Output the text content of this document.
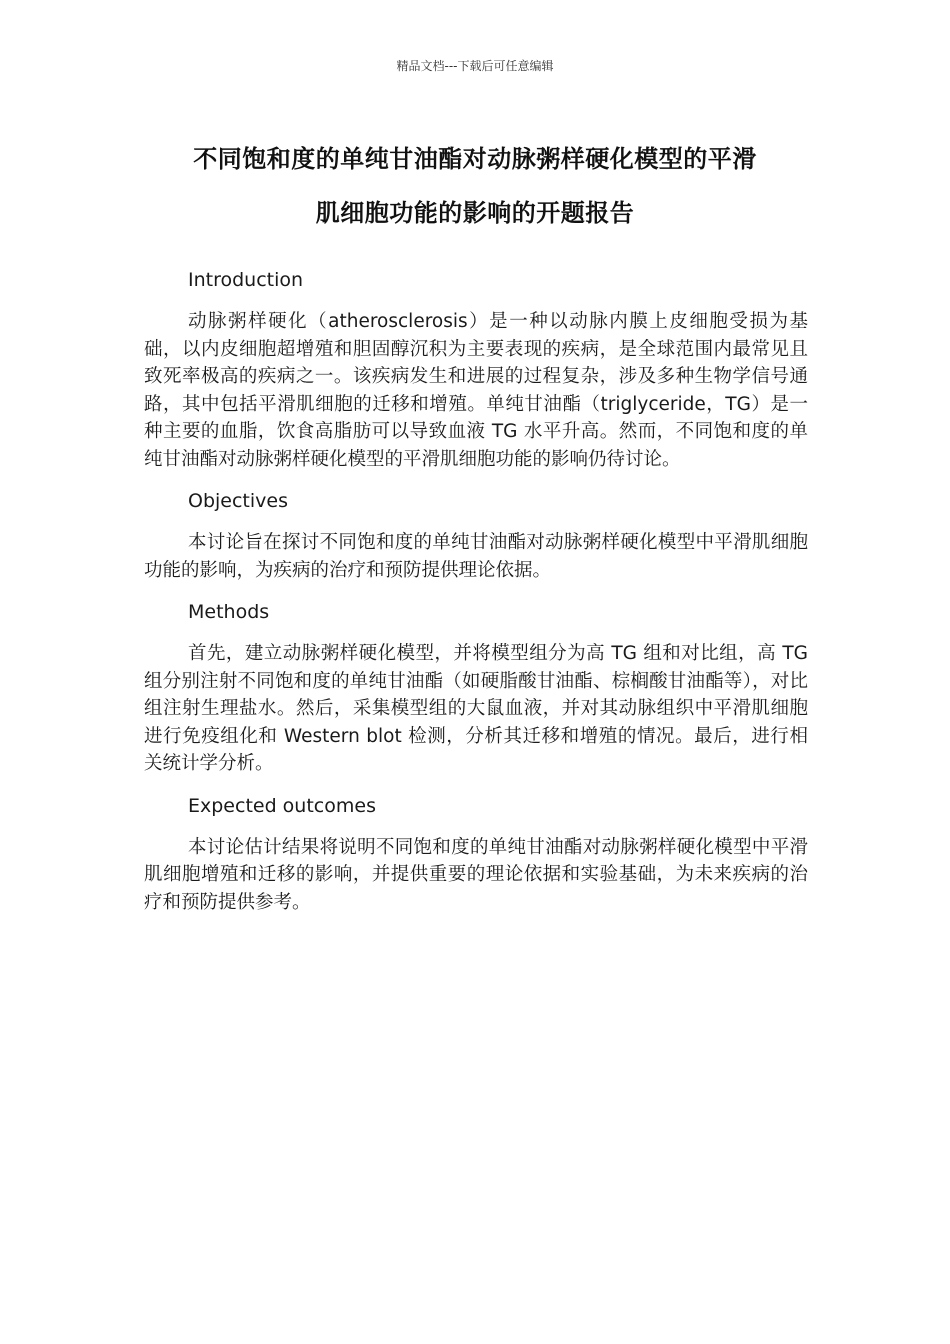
精品文档---下载后可任意编辑
不同饱和度的单纯甘油酯对动脉粥样硬化模型的平滑
肌细胞功能的影响的开题报告
Introduction

动脉粥样硬化（atherosclerosis）是一种以动脉内膜上皮细胞受损为基础，以内皮细胞超增殖和胆固醇沉积为主要表现的疾病，是全球范围内最常见且致死率极高的疾病之一。该疾病发生和进展的过程复杂，涉及多种生物学信号通路，其中包括平滑肌细胞的迁移和增殖。单纯甘油酯（triglyceride，TG）是一种主要的血脂，饮食高脂肪可以导致血液 TG 水平升高。然而，不同饱和度的单纯甘油酯对动脉粥样硬化模型的平滑肌细胞功能的影响仍待讨论。

Objectives

本讨论旨在探讨不同饱和度的单纯甘油酯对动脉粥样硬化模型中平滑肌细胞功能的影响，为疾病的治疗和预防提供理论依据。

Methods

首先，建立动脉粥样硬化模型，并将模型组分为高 TG 组和对比组，高 TG 组分别注射不同饱和度的单纯甘油酯（如硬脂酸甘油酯、棕榈酸甘油酯等），对比组注射生理盐水。然后，采集模型组的大鼠血液，并对其动脉组织中平滑肌细胞进行免疫组化和 Western blot 检测，分析其迁移和增殖的情况。最后，进行相关统计学分析。

Expected outcomes

本讨论估计结果将说明不同饱和度的单纯甘油酯对动脉粥样硬化模型中平滑肌细胞增殖和迁移的影响，并提供重要的理论依据和实验基础，为未来疾病的治疗和预防提供参考。
